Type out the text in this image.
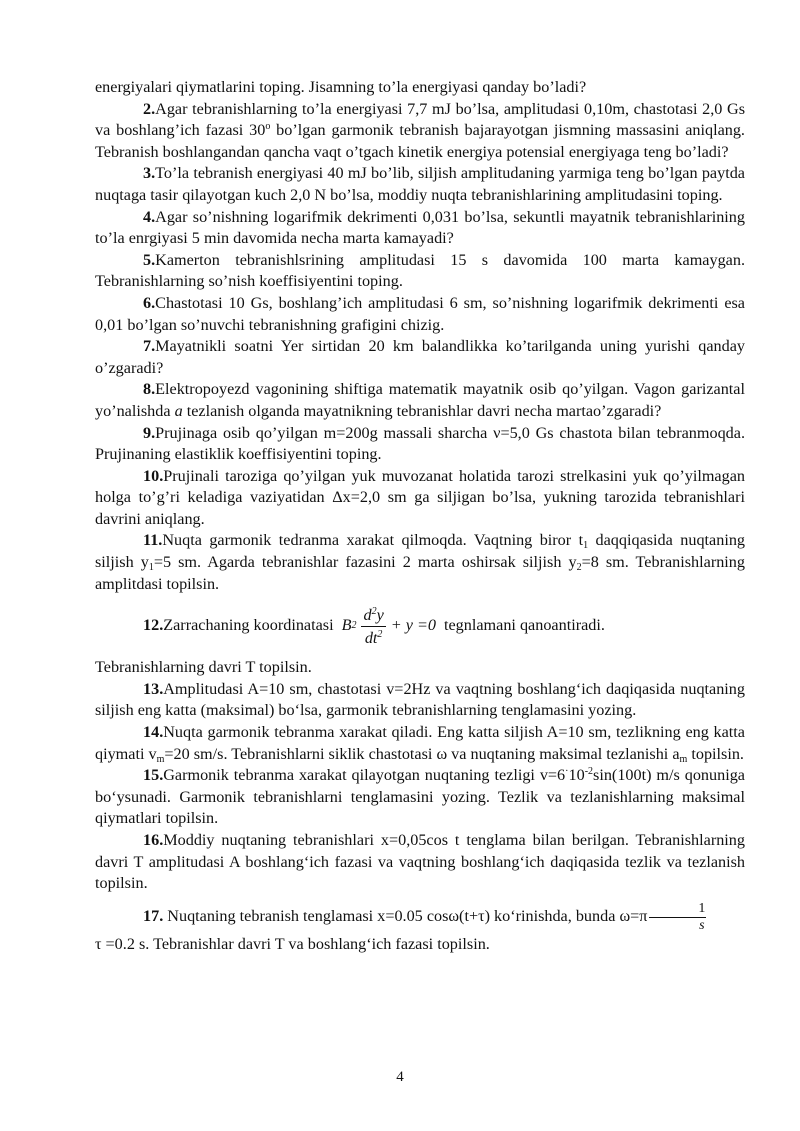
energiyalari qiymatlarini toping. Jisamning to’la energiyasi qanday bo’ladi?

2.Agar tebranishlarning to’la energiyasi 7,7 mJ bo’lsa, amplitudasi 0,10m, chastotasi 2,0 Gs va boshlang’ich fazasi 30$^o$ bo’lgan garmonik tebranish bajarayotgan jismning massasini aniqlang. Tebranish boshlangandan qancha vaqt o’tgach kinetik energiya potensial energiyaga teng bo’ladi?

3.To’la tebranish energiyasi 40 mJ bo’lib, siljish amplitudaning yarmiga teng bo’lgan paytda nuqtaga tasir qilayotgan kuch 2,0 N bo’lsa, moddiy nuqta tebranishlarining amplitudasini toping.

4.Agar so’nishning logarifmik dekrimenti 0,031 bo’lsa, sekuntli mayatnik tebranishlarining to’la enrgiyasi 5 min davomida necha marta kamayadi?

5.Kamerton tebranishlsrining amplitudasi 15 s davomida 100 marta kamaygan. Tebranishlarning so’nish koeffisiyentini toping.

6.Chastotasi 10 Gs, boshlang’ich amplitudasi 6 sm, so’nishning logarifmik dekrimenti esa 0,01 bo’lgan so’nuvchi tebranishning grafigini chizig.

7.Mayatnikli soatni Yer sirtidan 20 km balandlikka ko’tarilganda uning yurishi qanday o’zgaradi?

8.Elektropoyezd vagonining shiftiga matematik mayatnik osib qo’yilgan. Vagon garizantal yo’nalishda a tezlanish olganda mayatnikning tebranishlar davri necha martao’zgaradi?

9.Prujinaga osib qo’yilgan m=200g massali sharcha ν=5,0 Gs chastota bilan tebranmoqda. Prujinaning elastiklik koeffisiyentini toping.

10.Prujinali taroziga qo’yilgan yuk muvozanat holatida tarozi strelkasini yuk qo’yilmagan holga to’g’ri keladiga vaziyatidan Δx=2,0 sm ga siljigan bo’lsa, yukning tarozida tebranishlari davrini aniqlang.

11.Nuqta garmonik tedranma xarakat qilmoqda. Vaqtning biror $t_1$ daqqiqasida nuqtaning siljish $y_1=5$ sm. Agarda tebranishlar fazasini 2 marta oshirsak siljish $y_2=8$ sm. Tebranishlarning amplitdasi topilsin.

12. Zarrachaning koordinatasi B $2 \frac{d^2y}{dt^2} + y =0$ tegnlamani qanoantiradi.

Tebranishlarning davri T topilsin.

13.Amplitudasi A=10 sm, chastotasi v=2Hz va vaqtning boshlang‘ich daqiqasida nuqtaning siljish eng katta (maksimal) bo‘lsa, garmonik tebranishlarning tenglamasini yozing.

14.Nuqta garmonik tebranma xarakat qiladi. Eng katta siljish A=10 sm, tezlikning eng katta qiymati $v_m=20$ sm/s. Tebranishlarni siklik chastotasi ω va nuqtaning maksimal tezlanishi $a_m$ topilsin.

15.Garmonik tebranma xarakat qilayotgan nuqtaning tezligi $v=6^\cdot 10^{-2}\sin(100t)$ m/s qonuniga bo‘ysunadi. Garmonik tebranishlarni tenglamasini yozing. Tezlik va tezlanishlarning maksimal qiymatlari topilsin.

16.Moddiy nuqtaning tebranishlari x=0,05cos t tenglama bilan berilgan. Tebranishlarning davri T amplitudasi A boshlang‘ich fazasi va vaqtning boshlang‘ich daqiqasida tezlik va tezlanish topilsin.

17. Nuqtaning tebranish tenglamasi x=0.05 cosω(t+τ) ko‘rinishda, bunda $\omega=\pi \frac{1}{s}$

τ =0.2 s. Tebranishlar davri T va boshlang‘ich fazasi topilsin.

4
